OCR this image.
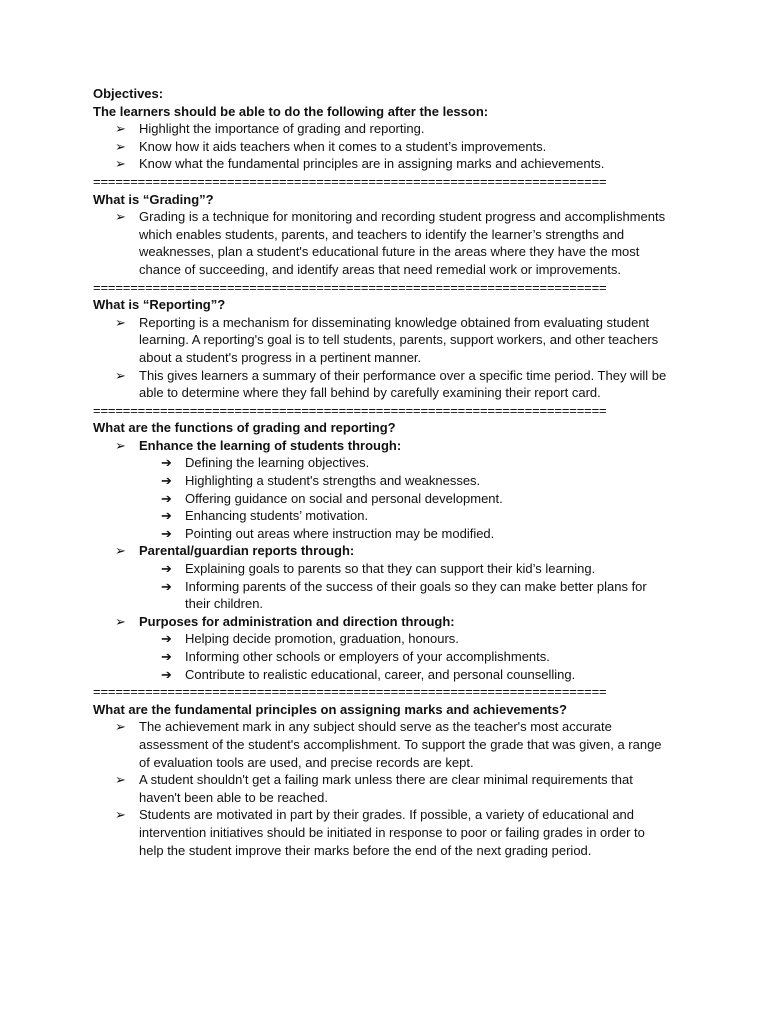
Objectives:
The learners should be able to do the following after the lesson:
➢ Highlight the importance of grading and reporting.
➢ Know how it aids teachers when it comes to a student’s improvements.
➢ Know what the fundamental principles are in assigning marks and achievements.
=====================================================================
What is “Grading”?
➢ Grading is a technique for monitoring and recording student progress and accomplishments which enables students, parents, and teachers to identify the learner’s strengths and weaknesses, plan a student's educational future in the areas where they have the most chance of succeeding, and identify areas that need remedial work or improvements.
=====================================================================
What is “Reporting”?
➢ Reporting is a mechanism for disseminating knowledge obtained from evaluating student learning. A reporting's goal is to tell students, parents, support workers, and other teachers about a student's progress in a pertinent manner.
➢ This gives learners a summary of their performance over a specific time period. They will be able to determine where they fall behind by carefully examining their report card.
=====================================================================
What are the functions of grading and reporting?
➢ Enhance the learning of students through:
➔ Defining the learning objectives.
➔ Highlighting a student's strengths and weaknesses.
➔ Offering guidance on social and personal development.
➔ Enhancing students’ motivation.
➔ Pointing out areas where instruction may be modified.
➢ Parental/guardian reports through:
➔ Explaining goals to parents so that they can support their kid’s learning.
➔ Informing parents of the success of their goals so they can make better plans for their children.
➢ Purposes for administration and direction through:
➔ Helping decide promotion, graduation, honours.
➔ Informing other schools or employers of your accomplishments.
➔ Contribute to realistic educational, career, and personal counselling.
=====================================================================
What are the fundamental principles on assigning marks and achievements?
➢ The achievement mark in any subject should serve as the teacher's most accurate assessment of the student's accomplishment. To support the grade that was given, a range of evaluation tools are used, and precise records are kept.
➢ A student shouldn't get a failing mark unless there are clear minimal requirements that haven't been able to be reached.
➢ Students are motivated in part by their grades. If possible, a variety of educational and intervention initiatives should be initiated in response to poor or failing grades in order to help the student improve their marks before the end of the next grading period.
